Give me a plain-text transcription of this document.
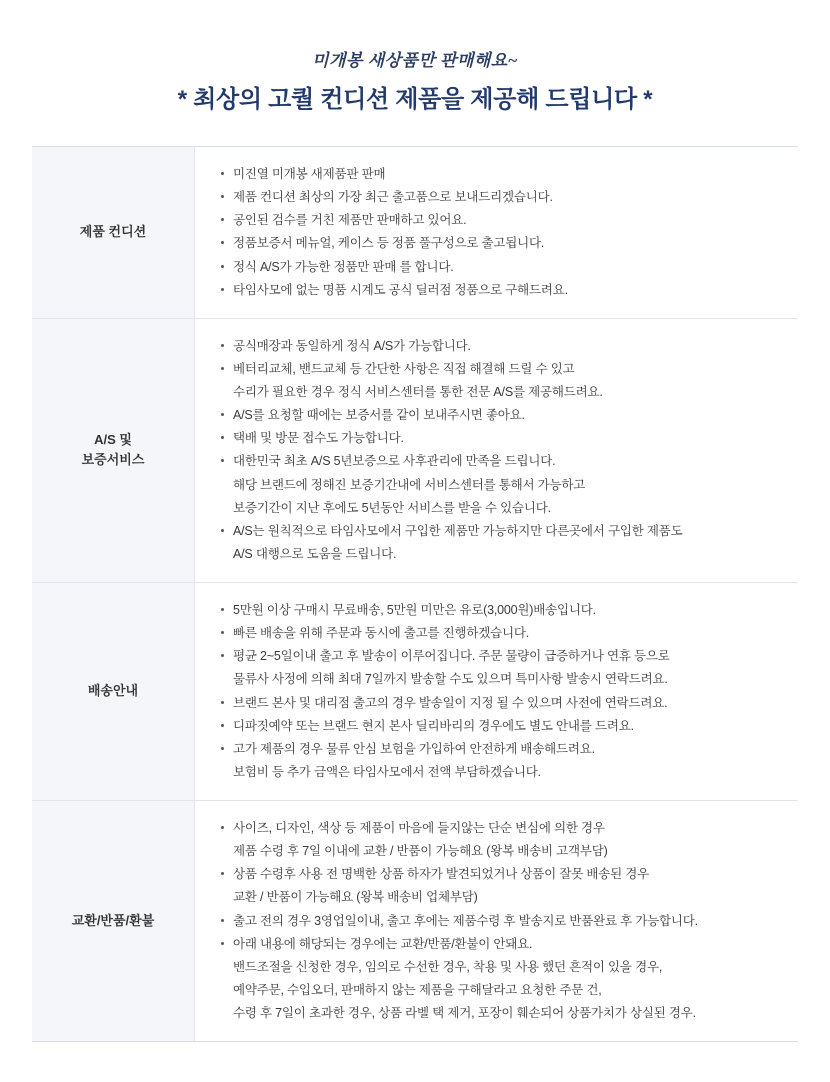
미개봉 새상품만 판매해요~
* 최상의 고퀄 컨디션 제품을 제공해 드립니다 *
제품 컨디션	
미진열 미개봉 새제품판 판매
제품 컨디션 최상의 가장 최근 출고품으로 보내드리겠습니다.
공인된 검수를 거친 제품만 판매하고 있어요.
정품보증서 메뉴얼, 케이스 등 정품 풀구성으로 출고됩니다.
정식 A/S가 가능한 정품만 판매 를 합니다.
타임사모에 없는 명품 시계도 공식 딜러점 정품으로 구해드려요.

A/S 및
보증서비스	
공식매장과 동일하게 정식 A/S가 가능합니다.
베터리교체, 밴드교체 등 간단한 사항은 직접 해결해 드릴 수 있고
수리가 필요한 경우 정식 서비스센터를 통한 전문 A/S를 제공해드려요.
A/S를 요청할 때에는 보증서를 같이 보내주시면 좋아요.
택배 및 방문 접수도 가능합니다.
대한민국 최초 A/S 5년보증으로 사후관리에 만족을 드립니다.
해당 브랜드에 정해진 보증기간내에 서비스센터를 통해서 가능하고
보증기간이 지난 후에도 5년동안 서비스를 받을 수 있습니다.
A/S는 원칙적으로 타임사모에서 구입한 제품만 가능하지만 다른곳에서 구입한 제품도
A/S 대행으로 도움을 드립니다.

배송안내	
5만원 이상 구매시 무료배송, 5만원 미만은 유로(3,000원)배송입니다.
빠른 배송을 위해 주문과 동시에 출고를 진행하겠습니다.
평균 2~5일이내 출고 후 발송이 이루어집니다. 주문 물량이 급증하거나 연휴 등으로
물류사 사정에 의해 최대 7일까지 발송할 수도 있으며 특미사항 발송시 연락드려요.
브랜드 본사 및 대리점 출고의 경우 발송일이 지정 될 수 있으며 사전에 연락드려요.
디파짓예약 또는 브랜드 현지 본사 딜리바리의 경우에도 별도 안내를 드려요.
고가 제품의 경우 물류 안심 보험을 가입하여 안전하게 배송해드려요.
보험비 등 추가 금액은 타임사모에서 전액 부담하겠습니다.

교환/반품/환불	
사이즈, 디자인, 색상 등 제품이 마음에 들지않는 단순 변심에 의한 경우
제품 수령 후 7일 이내에 교환 / 반품이 가능해요 (왕복 배송비 고객부담)
상품 수령후 사용 전 명백한 상품 하자가 발견되었거나 상품이 잘못 배송된 경우
교환 / 반품이 가능해요 (왕복 배송비 업체부담)
출고 전의 경우 3영업일이내, 출고 후에는 제품수령 후 발송지로 반품완료 후 가능합니다.
아래 내용에 해당되는 경우에는 교환/반품/환불이 안돼요.
밴드조절을 신청한 경우, 임의로 수선한 경우, 착용 및 사용 했던 흔적이 있을 경우,
예약주문, 수입오더, 판매하지 않는 제품을 구해달라고 요청한 주문 건,
수령 후 7일이 초과한 경우, 상품 라벨 택 제거, 포장이 훼손되어 상품가치가 상실된 경우.
